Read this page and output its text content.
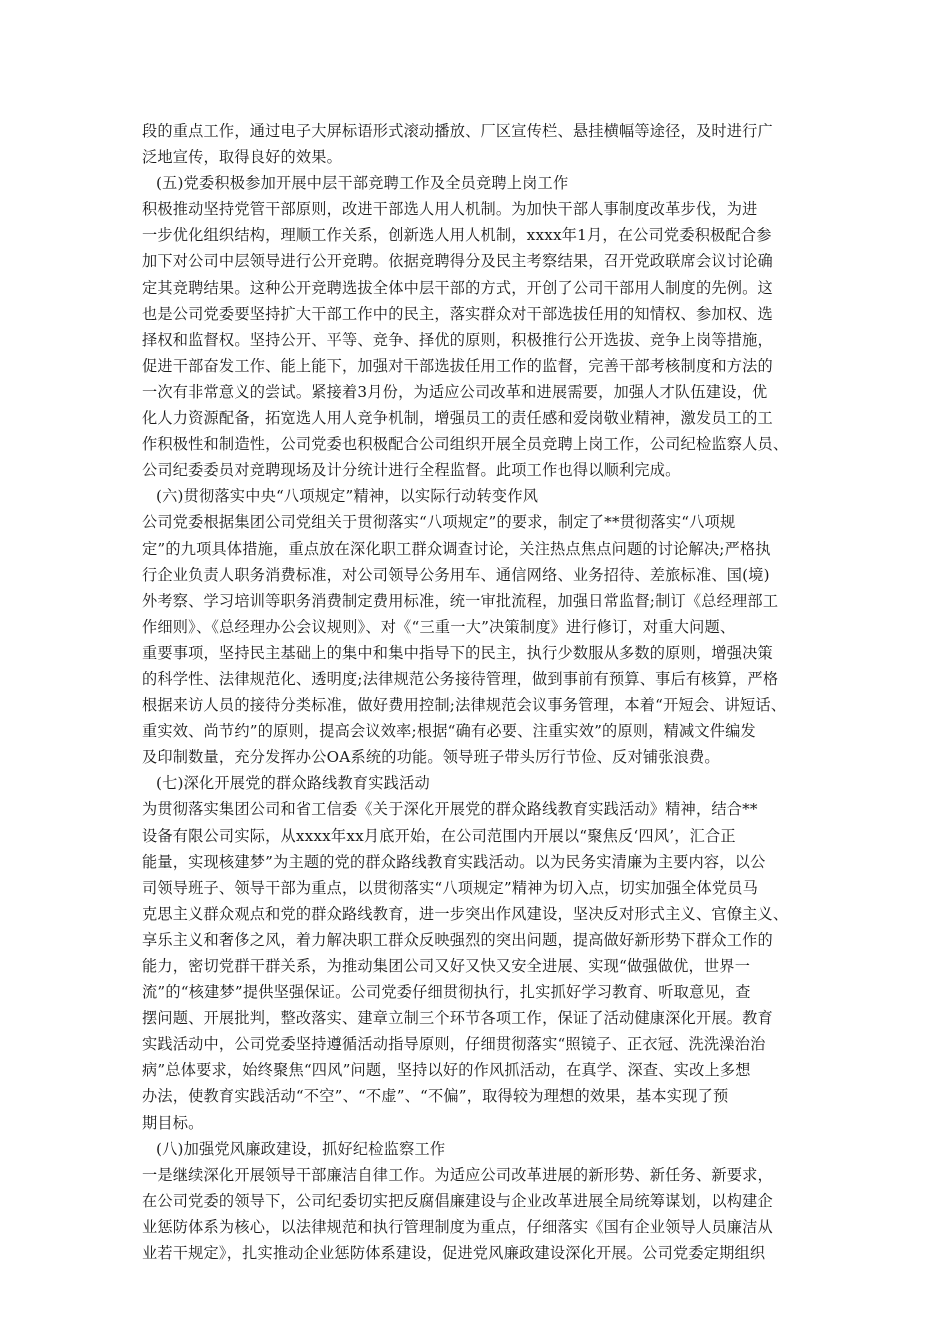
段的重点工作，通过电子大屏标语形式滚动播放、厂区宣传栏、悬挂横幅等途径，及时进行广
泛地宣传，取得良好的效果。
(五)党委积极参加开展中层干部竞聘工作及全员竞聘上岗工作
积极推动坚持党管干部原则，改进干部选人用人机制。为加快干部人事制度改革步伐，为进
一步优化组织结构，理顺工作关系，创新选人用人机制，xxxx年1月，在公司党委积极配合参
加下对公司中层领导进行公开竞聘。依据竞聘得分及民主考察结果，召开党政联席会议讨论确
定其竞聘结果。这种公开竞聘选拔全体中层干部的方式，开创了公司干部用人制度的先例。这
也是公司党委要坚持扩大干部工作中的民主，落实群众对干部选拔任用的知情权、参加权、选
择权和监督权。坚持公开、平等、竞争、择优的原则，积极推行公开选拔、竞争上岗等措施，
促进干部奋发工作、能上能下，加强对干部选拔任用工作的监督，完善干部考核制度和方法的
一次有非常意义的尝试。紧接着3月份，为适应公司改革和进展需要，加强人才队伍建设，优
化人力资源配备，拓宽选人用人竞争机制，增强员工的责任感和爱岗敬业精神，激发员工的工
作积极性和制造性，公司党委也积极配合公司组织开展全员竞聘上岗工作，公司纪检监察人员、
公司纪委委员对竞聘现场及计分统计进行全程监督。此项工作也得以顺利完成。
(六)贯彻落实中央“八项规定”精神，以实际行动转变作风
公司党委根据集团公司党组关于贯彻落实“八项规定”的要求，制定了**贯彻落实“八项规
定”的九项具体措施，重点放在深化职工群众调查讨论，关注热点焦点问题的讨论解决;严格执
行企业负责人职务消费标准，对公司领导公务用车、通信网络、业务招待、差旅标准、国(境)
外考察、学习培训等职务消费制定费用标准，统一审批流程，加强日常监督;制订《总经理部工
作细则》、《总经理办公会议规则》、对《“三重一大”决策制度》进行修订，对重大问题、
重要事项，坚持民主基础上的集中和集中指导下的民主，执行少数服从多数的原则，增强决策
的科学性、法律规范化、透明度;法律规范公务接待管理，做到事前有预算、事后有核算，严格
根据来访人员的接待分类标准，做好费用控制;法律规范会议事务管理，本着“开短会、讲短话、
重实效、尚节约”的原则，提高会议效率;根据“确有必要、注重实效”的原则，精减文件编发
及印制数量，充分发挥办公OA系统的功能。领导班子带头厉行节俭、反对铺张浪费。
(七)深化开展党的群众路线教育实践活动
为贯彻落实集团公司和省工信委《关于深化开展党的群众路线教育实践活动》精神，结合**
设备有限公司实际，从xxxx年xx月底开始，在公司范围内开展以“聚焦反‘四风’，汇合正
能量，实现核建梦”为主题的党的群众路线教育实践活动。以为民务实清廉为主要内容，以公
司领导班子、领导干部为重点，以贯彻落实“八项规定”精神为切入点，切实加强全体党员马
克思主义群众观点和党的群众路线教育，进一步突出作风建设，坚决反对形式主义、官僚主义、
享乐主义和奢侈之风，着力解决职工群众反映强烈的突出问题，提高做好新形势下群众工作的
能力，密切党群干群关系，为推动集团公司又好又快又安全进展、实现“做强做优，世界一
流”的“核建梦”提供坚强保证。公司党委仔细贯彻执行，扎实抓好学习教育、听取意见，查
摆问题、开展批判，整改落实、建章立制三个环节各项工作，保证了活动健康深化开展。教育
实践活动中，公司党委坚持遵循活动指导原则，仔细贯彻落实“照镜子、正衣冠、洗洗澡治治
病”总体要求，始终聚焦“四风”问题，坚持以好的作风抓活动，在真学、深查、实改上多想
办法，使教育实践活动“不空”、“不虚”、“不偏”，取得较为理想的效果，基本实现了预
期目标。
(八)加强党风廉政建设，抓好纪检监察工作
一是继续深化开展领导干部廉洁自律工作。为适应公司改革进展的新形势、新任务、新要求，
在公司党委的领导下，公司纪委切实把反腐倡廉建设与企业改革进展全局统筹谋划，以构建企
业惩防体系为核心，以法律规范和执行管理制度为重点，仔细落实《国有企业领导人员廉洁从
业若干规定》，扎实推动企业惩防体系建设，促进党风廉政建设深化开展。公司党委定期组织
